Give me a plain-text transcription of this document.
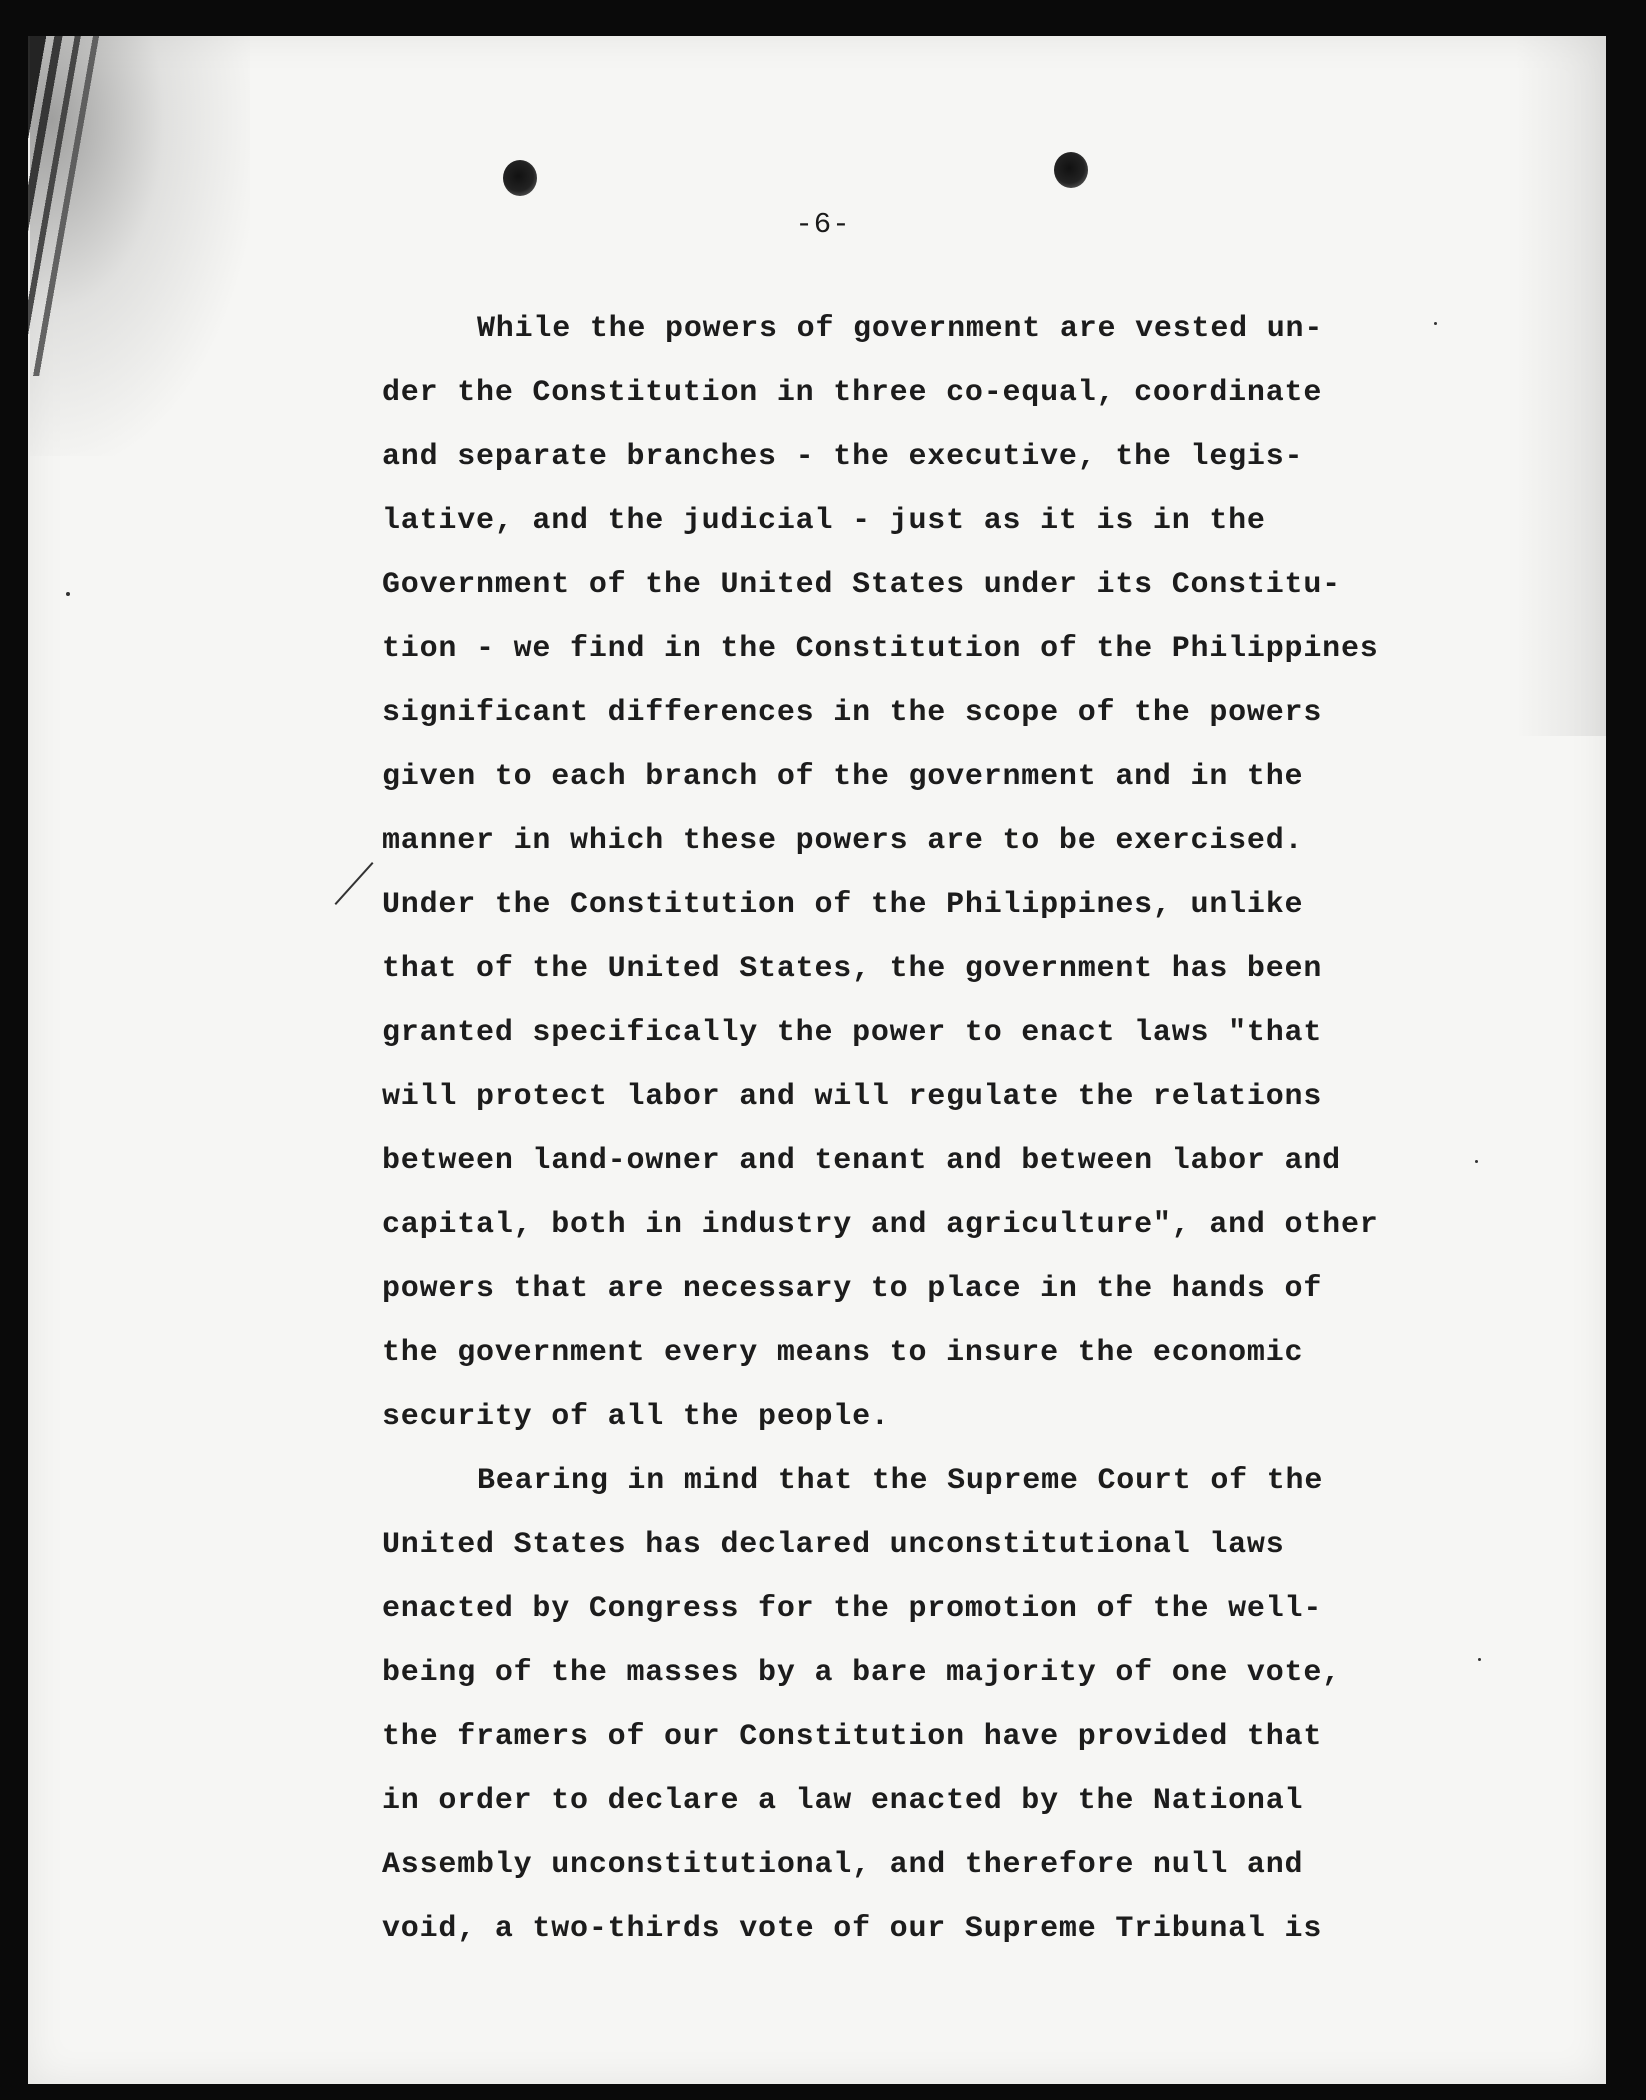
-6-
While the powers of government are vested un-
der the Constitution in three co-equal, coordinate
and separate branches - the executive, the legis-
lative, and the judicial - just as it is in the
Government of the United States under its Constitu-
tion - we find in the Constitution of the Philippines
significant differences in the scope of the powers
given to each branch of the government and in the
manner in which these powers are to be exercised.
Under the Constitution of the Philippines, unlike
that of the United States, the government has been
granted specifically the power to enact laws "that
will protect labor and will regulate the relations
between land-owner and tenant and between labor and
capital, both in industry and agriculture", and other
powers that are necessary to place in the hands of
the government every means to insure the economic
security of all the people.
Bearing in mind that the Supreme Court of the
United States has declared unconstitutional laws
enacted by Congress for the promotion of the well-
being of the masses by a bare majority of one vote,
the framers of our Constitution have provided that
in order to declare a law enacted by the National
Assembly unconstitutional, and therefore null and
void, a two-thirds vote of our Supreme Tribunal is
